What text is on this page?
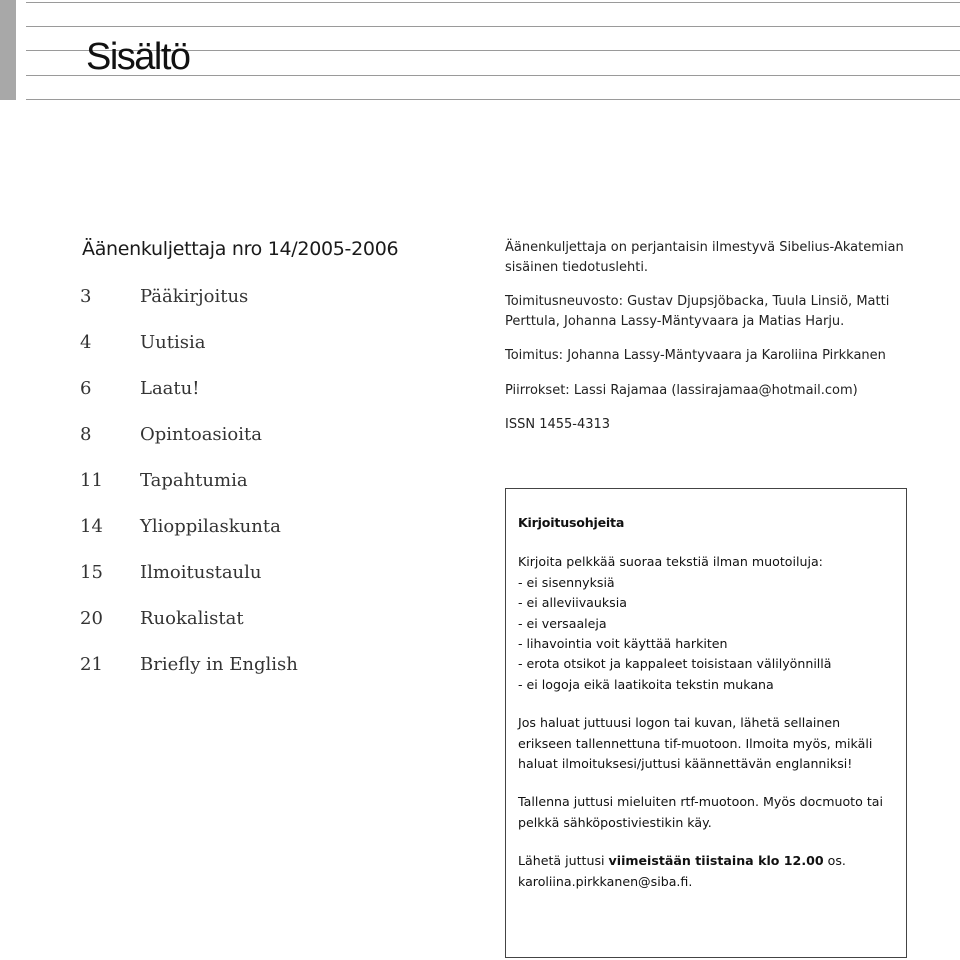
Sisältö
Äänenkuljettaja nro 14/2005-2006
3	Pääkirjoitus
4	Uutisia
6	Laatu!
8	Opintoasioita
11	Tapahtumia
14	Ylioppilaskunta
15	Ilmoitustaulu
20	Ruokalistat
21	Briefly in English

Äänenkuljettaja on perjantaisin ilmestyvä Sibelius-Akatemian sisäinen tiedotuslehti.

Toimitusneuvosto: Gustav Djupsjöbacka, Tuula Linsiö, Matti Perttula, Johanna Lassy-Mäntyvaara ja Matias Harju.

Toimitus: Johanna Lassy-Mäntyvaara ja Karoliina Pirkkanen

Piirrokset: Lassi Rajamaa (lassirajamaa@hotmail.com)

ISSN 1455-4313

Kirjoitusohjeita

Kirjoita pelkkää suoraa tekstiä ilman muotoiluja:

- ei sisennyksiä
- ei alleviivauksia
- ei versaaleja
- lihavointia voit käyttää harkiten
- erota otsikot ja kappaleet toisistaan välilyönnillä
- ei logoja eikä laatikoita tekstin mukana

Jos haluat juttuusi logon tai kuvan, lähetä sellainen erikseen tallennettuna tif-muotoon. Ilmoita myös, mikäli haluat ilmoituksesi/juttusi käännettävän englanniksi!

Tallenna juttusi mieluiten rtf-muotoon. Myös docmuoto tai pelkkä sähköpostiviestikin käy.

Lähetä juttusi viimeistään tiistaina klo 12.00 os. karoliina.pirkkanen@siba.fi.
